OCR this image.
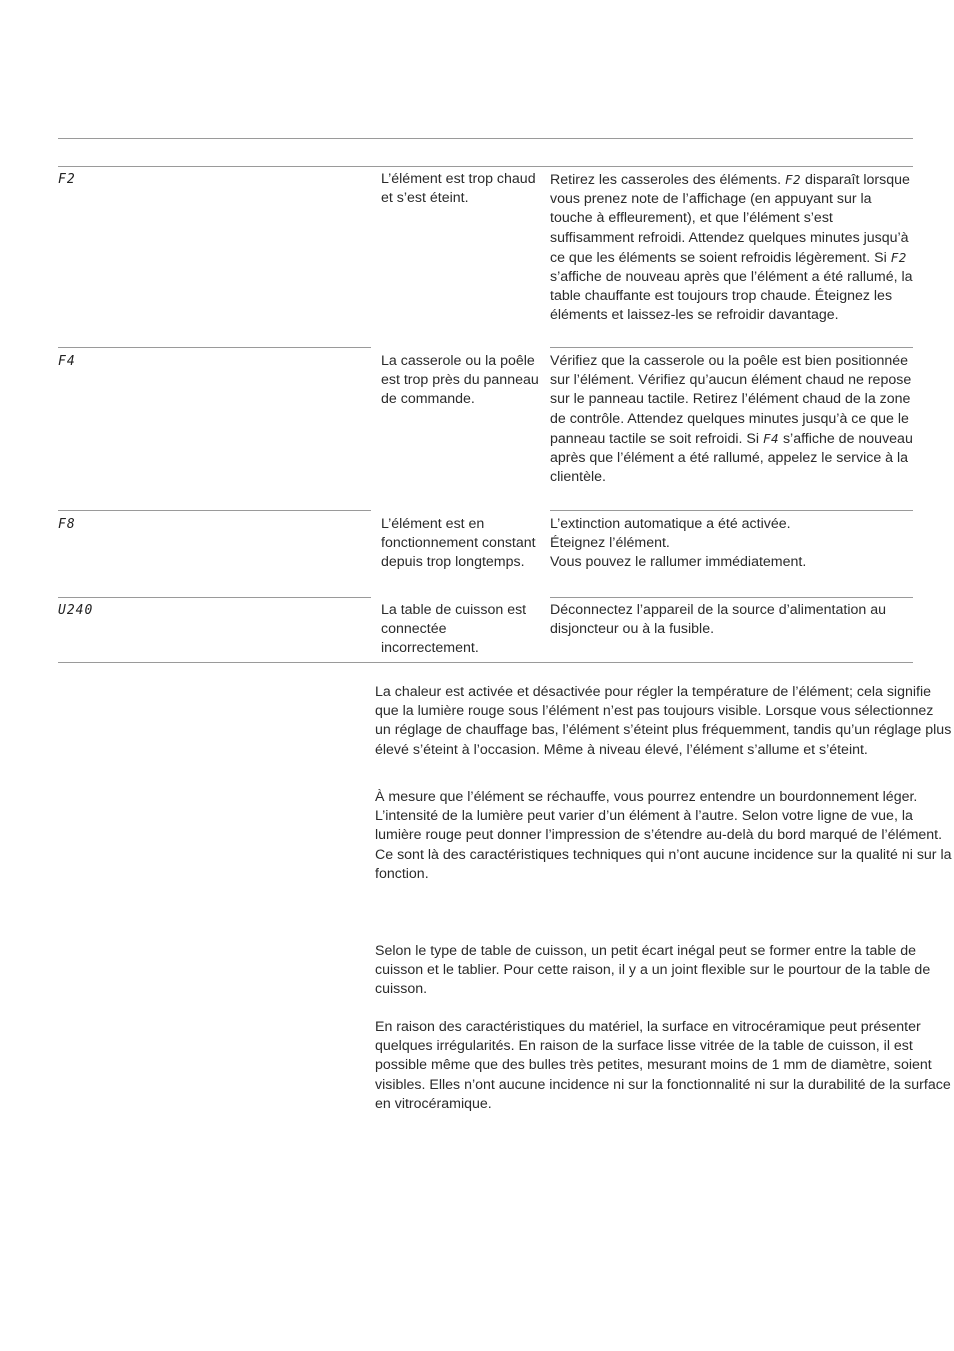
F2	L’élément est trop chaud et s’est éteint.
Retirez les casseroles des éléments. F2 disparaît lorsque vous prenez note de l’affichage (en appuyant sur la touche à effleurement), et que l’élément s’est suffisamment refroidi. Attendez quelques minutes jusqu’à ce que les éléments se soient refroidis légèrement. Si F2 s’affiche de nouveau après que l’élément a été rallumé, la table chauffante est toujours trop chaude. Éteignez les éléments et laissez-les se refroidir davantage.
F4	La casserole ou la poêle est trop près du panneau de commande.
Vérifiez que la casserole ou la poêle est bien positionnée sur l’élément. Vérifiez qu’aucun élément chaud ne repose sur le panneau tactile. Retirez l’élément chaud de la zone de contrôle. Attendez quelques minutes jusqu’à ce que le panneau tactile se soit refroidi. Si F4 s’affiche de nouveau après que l’élément a été rallumé, appelez le service à la clientèle.
F8	L’élément est en fonctionnement constant depuis trop longtemps.
L’extinction automatique a été activée.
Éteignez l’élément.
Vous pouvez le rallumer immédiatement.
U240	La table de cuisson est connectée incorrectement.
Déconnectez l’appareil de la source d’alimentation au disjoncteur ou à la fusible.

La chaleur est activée et désactivée pour régler la température de l’élément; cela signifie que la lumière rouge sous l’élément n’est pas toujours visible. Lorsque vous sélectionnez un réglage de chauffage bas, l’élément s’éteint plus fréquemment, tandis qu’un réglage plus élevé s’éteint à l’occasion. Même à niveau élevé, l’élément s’allume et s’éteint.

À mesure que l’élément se réchauffe, vous pourrez entendre un bourdonnement léger.
L’intensité de la lumière peut varier d’un élément à l’autre. Selon votre ligne de vue, la lumière rouge peut donner l’impression de s’étendre au-delà du bord marqué de l’élément.
Ce sont là des caractéristiques techniques qui n’ont aucune incidence sur la qualité ni sur la fonction.

Selon le type de table de cuisson, un petit écart inégal peut se former entre la table de cuisson et le tablier. Pour cette raison, il y a un joint flexible sur le pourtour de la table de cuisson.

En raison des caractéristiques du matériel, la surface en vitrocéramique peut présenter quelques irrégularités. En raison de la surface lisse vitrée de la table de cuisson, il est possible même que des bulles très petites, mesurant moins de 1 mm de diamètre, soient visibles. Elles n’ont aucune incidence ni sur la fonctionnalité ni sur la durabilité de la surface en vitrocéramique.
